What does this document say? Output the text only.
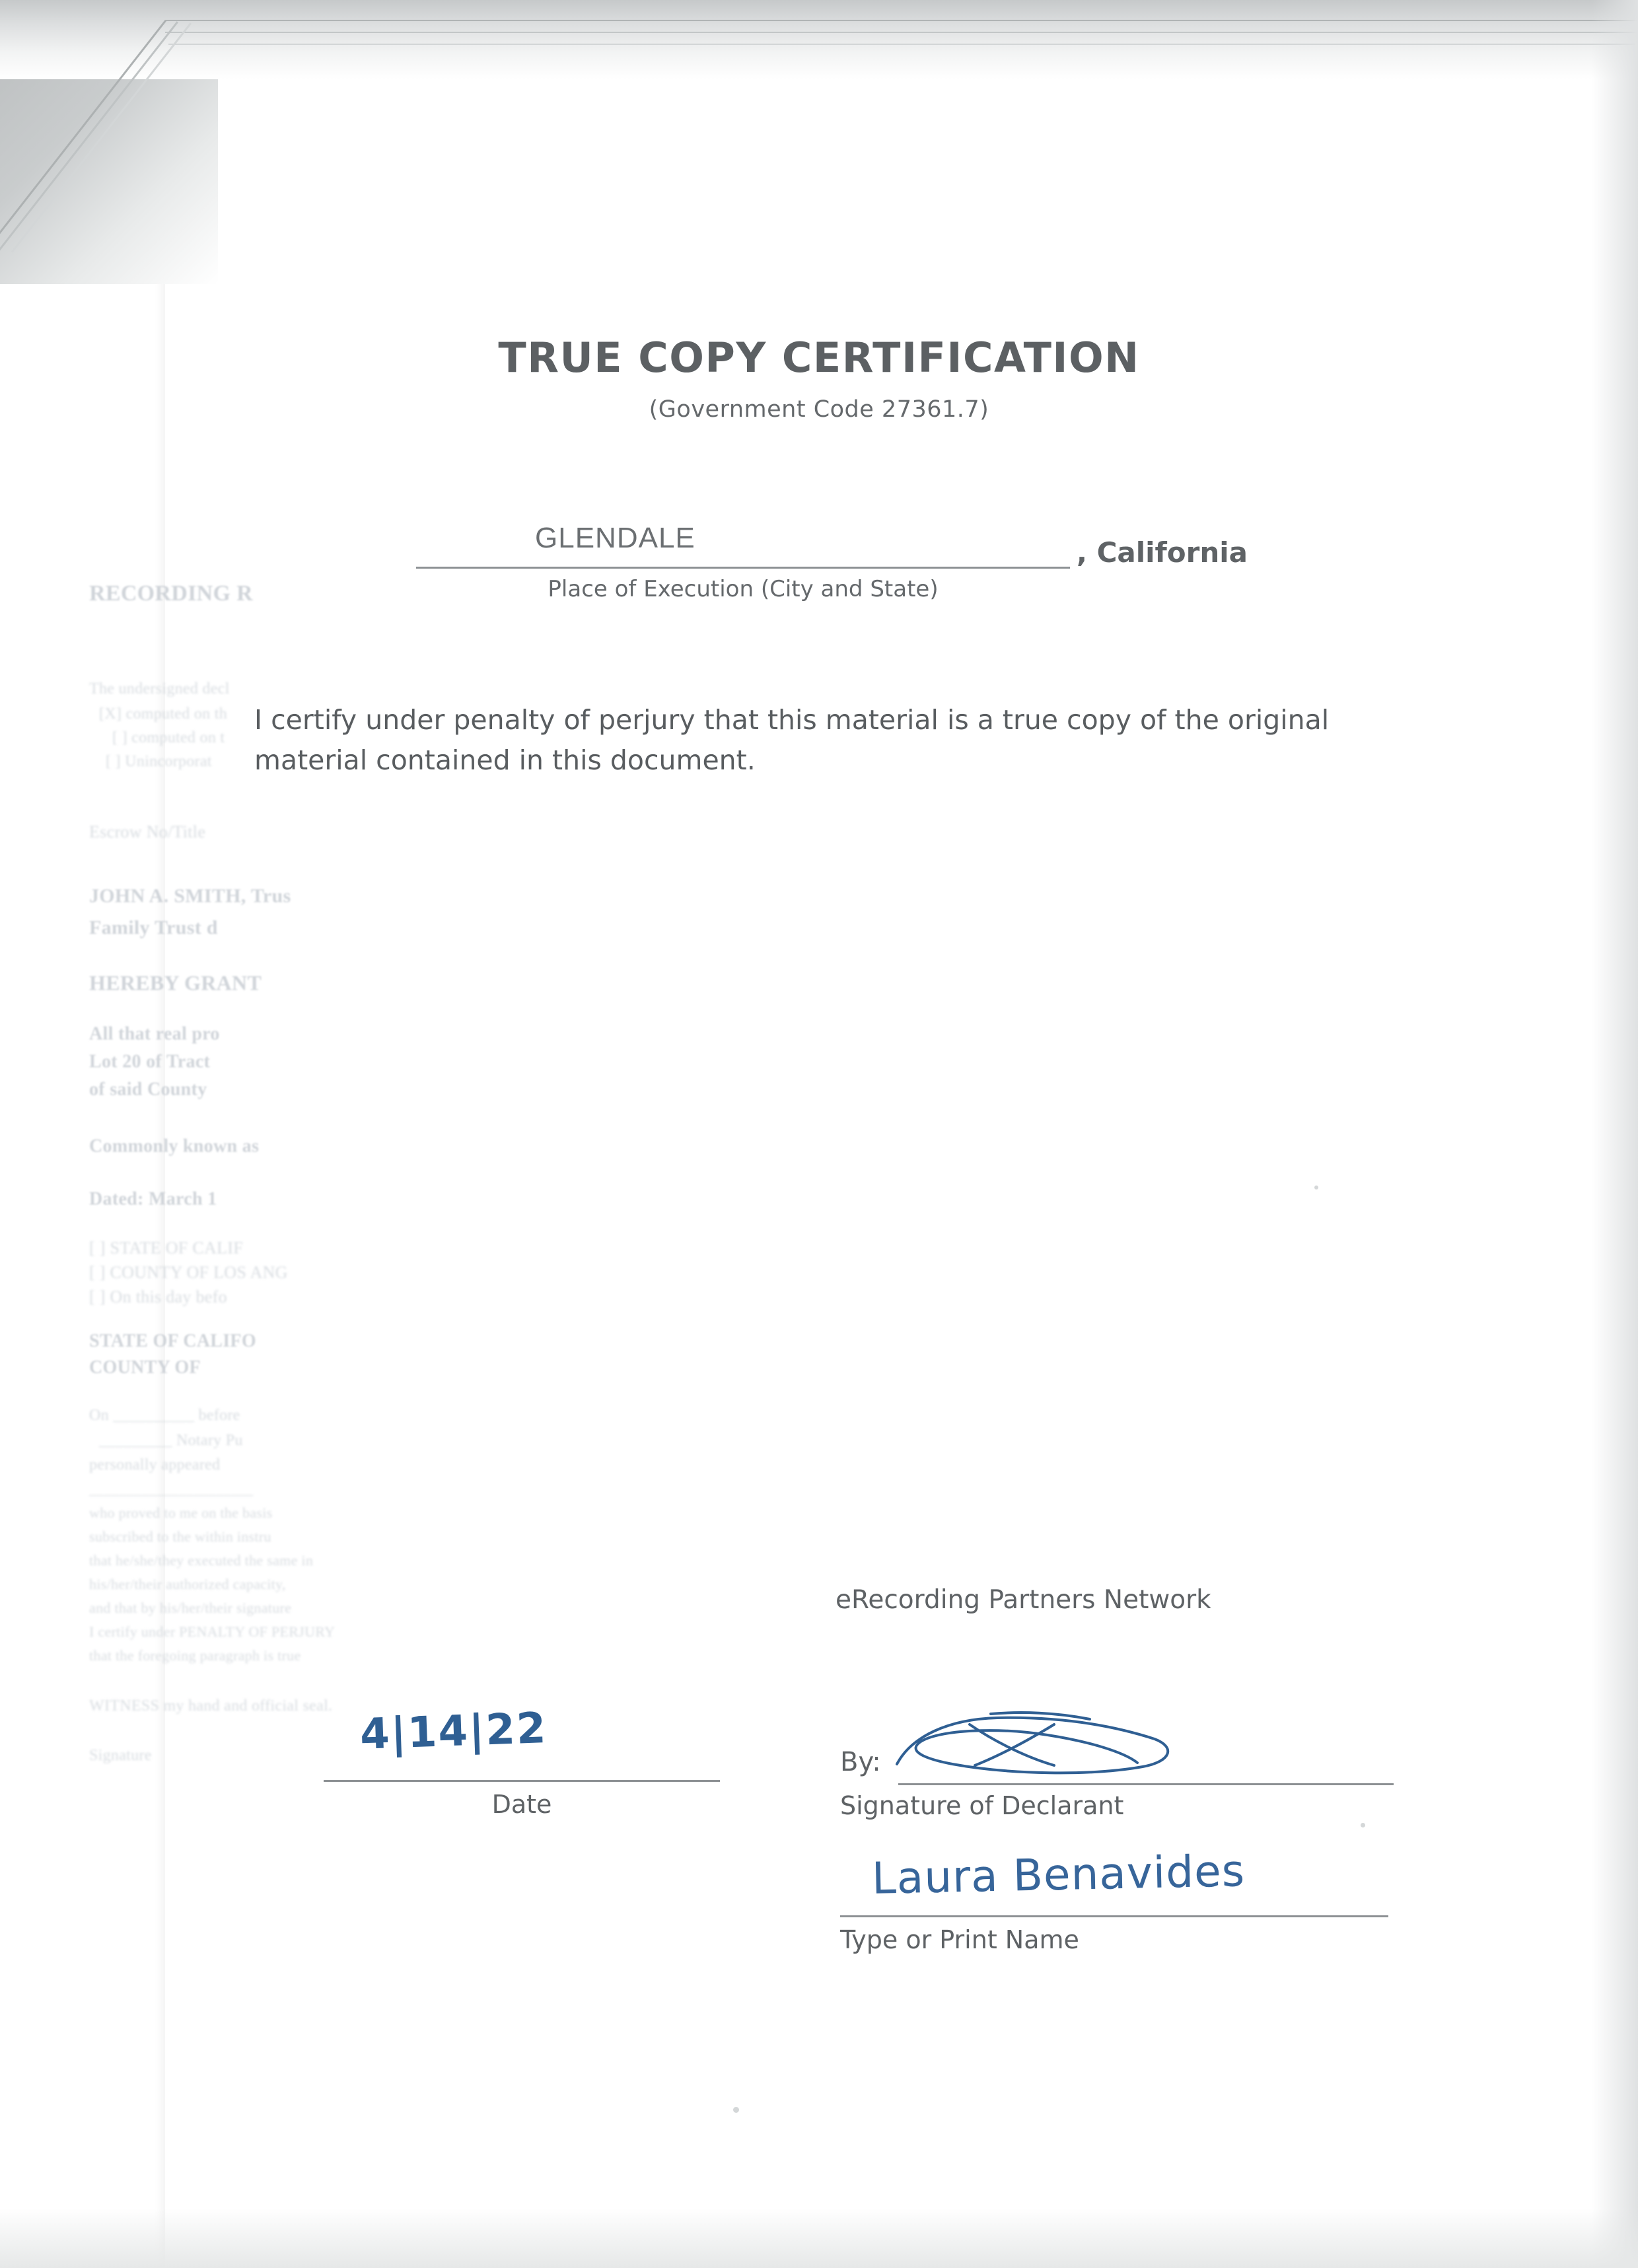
RECORDING R
The undersigned decl
[X] computed on th
[ ] computed on t
[ ] Unincorporat
Escrow No/Title
JOHN A. SMITH, Trus
Family Trust d
HEREBY GRANT
All that real pro
Lot 20 of Tract
of said County
Commonly known as
Dated: March 1
[ ] STATE OF CALIF
[ ] COUNTY OF LOS ANG
[ ] On this day befo
STATE OF CALIFO
COUNTY OF
On __________ before
_________ Notary Pu
personally appeared
______________________
who proved to me on the basis
subscribed to the within instru
that he/she/they executed the same in
his/her/their authorized capacity,
and that by his/her/their signature
I certify under PENALTY OF PERJURY
that the foregoing paragraph is true
WITNESS my hand and official seal.
Signature
TRUE COPY CERTIFICATION
(Government Code 27361.7)
GLENDALE	, California
Place of Execution (City and State)
I certify under penalty of perjury that this material is a true copy of the original material contained in this document.
eRecording Partners Network
4|14|22
Date
By:
Signature of Declarant
Laura Benavides
Type or Print Name
